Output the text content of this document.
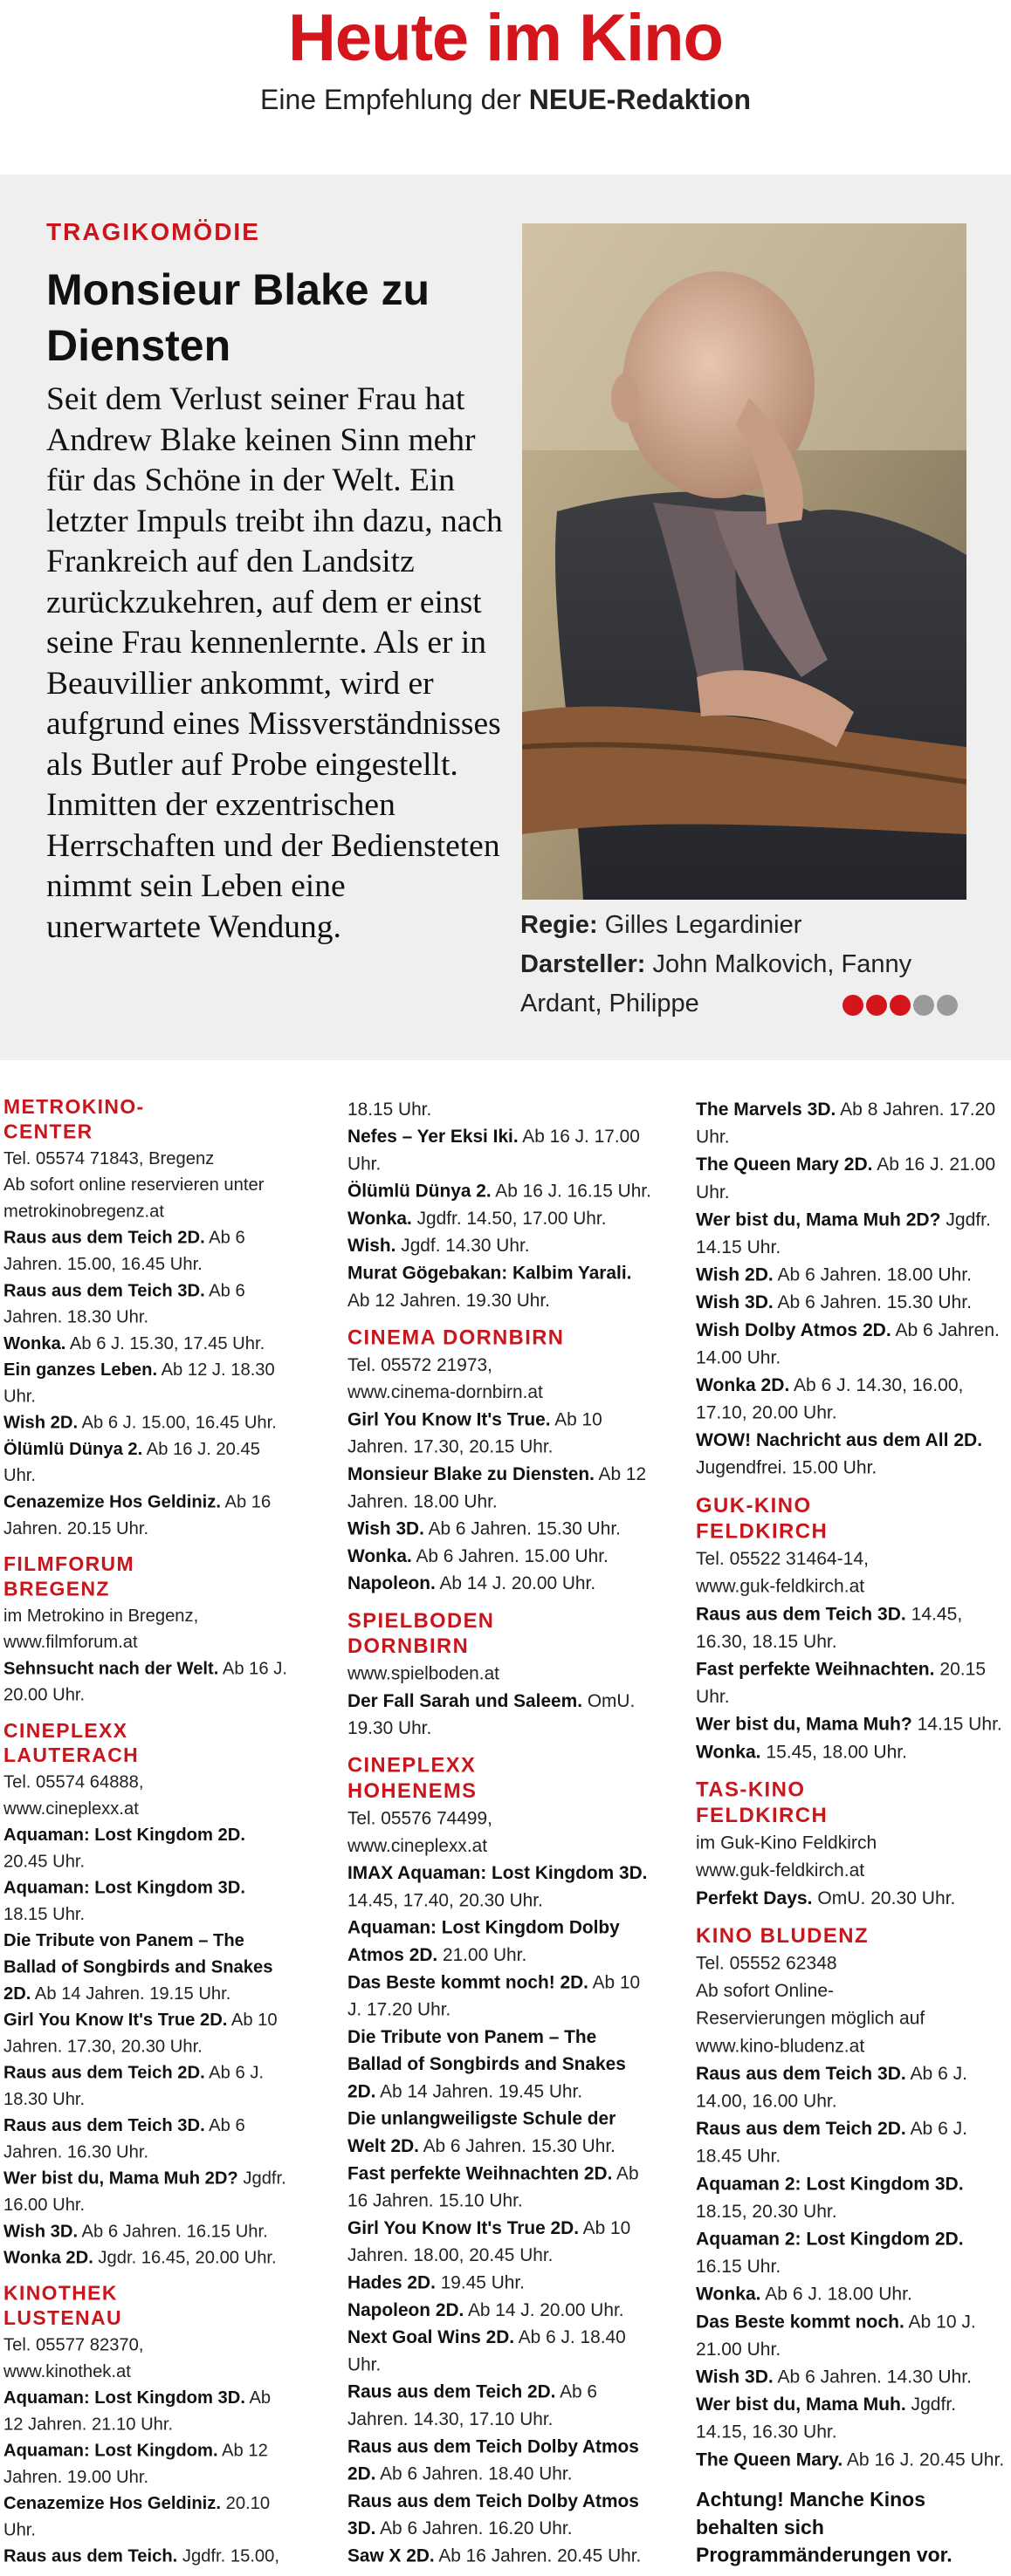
Heute im Kino
Eine Empfehlung der NEUE-Redaktion
TRAGIKOMÖDIE
Monsieur Blake zu Diensten
Seit dem Verlust seiner Frau hat Andrew Blake keinen Sinn mehr für das Schöne in der Welt. Ein letzter Impuls treibt ihn dazu, nach Frankreich auf den Landsitz zurückzukehren, auf dem er einst seine Frau kennenlernte. Als er in Beauvillier ankommt, wird er aufgrund eines Missverständnisses als Butler auf Probe eingestellt. Inmitten der exzentrischen Herrschaften und der Bediensteten nimmt sein Leben eine unerwartete Wendung.	Regie: Gilles Legardinier
Darsteller: John Malkovich, Fanny Ardant, Philippe
METROKINO-
CENTER
Tel. 05574 71843, Bregenz
Ab sofort online reservieren unter
metrokinobregenz.at
Raus aus dem Teich 2D. Ab 6 Jahren. 15.00, 16.45 Uhr.
Raus aus dem Teich 3D. Ab 6 Jahren. 18.30 Uhr.
Wonka. Ab 6 J. 15.30, 17.45 Uhr.
Ein ganzes Leben. Ab 12 J. 18.30 Uhr.
Wish 2D. Ab 6 J. 15.00, 16.45 Uhr.
Ölümlü Dünya 2. Ab 16 J. 20.45 Uhr.
Cenazemize Hos Geldiniz. Ab 16 Jahren. 20.15 Uhr.
FILMFORUM
BREGENZ
im Metrokino in Bregenz,
www.filmforum.at
Sehnsucht nach der Welt. Ab 16 J. 20.00 Uhr.
CINEPLEXX
LAUTERACH
Tel. 05574 64888,
www.cineplexx.at
Aquaman: Lost Kingdom 2D. 20.45 Uhr.
Aquaman: Lost Kingdom 3D. 18.15 Uhr.
Die Tribute von Panem – The Ballad of Songbirds and Snakes 2D. Ab 14 Jahren. 19.15 Uhr.
Girl You Know It's True 2D. Ab 10 Jahren. 17.30, 20.30 Uhr.
Raus aus dem Teich 2D. Ab 6 J. 18.30 Uhr.
Raus aus dem Teich 3D. Ab 6 Jahren. 16.30 Uhr.
Wer bist du, Mama Muh 2D? Jgdfr. 16.00 Uhr.
Wish 3D. Ab 6 Jahren. 16.15 Uhr.
Wonka 2D. Jgdr. 16.45, 20.00 Uhr.
KINOTHEK
LUSTENAU
Tel. 05577 82370,
www.kinothek.at
Aquaman: Lost Kingdom 3D. Ab 12 Jahren. 21.10 Uhr.
Aquaman: Lost Kingdom. Ab 12 Jahren. 19.00 Uhr.
Cenazemize Hos Geldiniz. 20.10 Uhr.
Raus aus dem Teich. Jgdfr. 15.00,
18.15 Uhr.
Nefes – Yer Eksi Iki. Ab 16 J. 17.00 Uhr.
Ölümlü Dünya 2. Ab 16 J. 16.15 Uhr.
Wonka. Jgdfr. 14.50, 17.00 Uhr.
Wish. Jgdf. 14.30 Uhr.
Murat Gögebakan: Kalbim Yarali. Ab 12 Jahren. 19.30 Uhr.
CINEMA DORNBIRN
Tel. 05572 21973,
www.cinema-dornbirn.at
Girl You Know It's True. Ab 10 Jahren. 17.30, 20.15 Uhr.
Monsieur Blake zu Diensten. Ab 12 Jahren. 18.00 Uhr.
Wish 3D. Ab 6 Jahren. 15.30 Uhr.
Wonka. Ab 6 Jahren. 15.00 Uhr.
Napoleon. Ab 14 J. 20.00 Uhr.
SPIELBODEN
DORNBIRN
www.spielboden.at
Der Fall Sarah und Saleem. OmU. 19.30 Uhr.
CINEPLEXX
HOHENEMS
Tel. 05576 74499,
www.cineplexx.at
IMAX Aquaman: Lost Kingdom 3D. 14.45, 17.40, 20.30 Uhr.
Aquaman: Lost Kingdom Dolby Atmos 2D. 21.00 Uhr.
Das Beste kommt noch! 2D. Ab 10 J. 17.20 Uhr.
Die Tribute von Panem – The Ballad of Songbirds and Snakes 2D. Ab 14 Jahren. 19.45 Uhr.
Die unlangweiligste Schule der Welt 2D. Ab 6 Jahren. 15.30 Uhr.
Fast perfekte Weihnachten 2D. Ab 16 Jahren. 15.10 Uhr.
Girl You Know It's True 2D. Ab 10 Jahren. 18.00, 20.45 Uhr.
Hades 2D. 19.45 Uhr.
Napoleon 2D. Ab 14 J. 20.00 Uhr.
Next Goal Wins 2D. Ab 6 J. 18.40 Uhr.
Raus aus dem Teich 2D. Ab 6 Jahren. 14.30, 17.10 Uhr.
Raus aus dem Teich Dolby Atmos 2D. Ab 6 Jahren. 18.40 Uhr.
Raus aus dem Teich Dolby Atmos 3D. Ab 6 Jahren. 16.20 Uhr.
Saw X 2D. Ab 16 Jahren. 20.45 Uhr.
The Marvels 3D. Ab 8 Jahren. 17.20 Uhr.
The Queen Mary 2D. Ab 16 J. 21.00 Uhr.
Wer bist du, Mama Muh 2D? Jgdfr. 14.15 Uhr.
Wish 2D. Ab 6 Jahren. 18.00 Uhr.
Wish 3D. Ab 6 Jahren. 15.30 Uhr.
Wish Dolby Atmos 2D. Ab 6 Jahren. 14.00 Uhr.
Wonka 2D. Ab 6 J. 14.30, 16.00, 17.10, 20.00 Uhr.
WOW! Nachricht aus dem All 2D. Jugendfrei. 15.00 Uhr.
GUK-KINO
FELDKIRCH
Tel. 05522 31464-14,
www.guk-feldkirch.at
Raus aus dem Teich 3D. 14.45, 16.30, 18.15 Uhr.
Fast perfekte Weihnachten. 20.15 Uhr.
Wer bist du, Mama Muh? 14.15 Uhr.
Wonka. 15.45, 18.00 Uhr.
TAS-KINO
FELDKIRCH
im Guk-Kino Feldkirch
www.guk-feldkirch.at
Perfekt Days. OmU. 20.30 Uhr.
KINO BLUDENZ
Tel. 05552 62348
Ab sofort Online-
Reservierungen möglich auf
www.kino-bludenz.at
Raus aus dem Teich 3D. Ab 6 J. 14.00, 16.00 Uhr.
Raus aus dem Teich 2D. Ab 6 J. 18.45 Uhr.
Aquaman 2: Lost Kingdom 3D. 18.15, 20.30 Uhr.
Aquaman 2: Lost Kingdom 2D. 16.15 Uhr.
Wonka. Ab 6 J. 18.00 Uhr.
Das Beste kommt noch. Ab 10 J. 21.00 Uhr.
Wish 3D. Ab 6 Jahren. 14.30 Uhr.
Wer bist du, Mama Muh. Jgdfr. 14.15, 16.30 Uhr.
The Queen Mary. Ab 16 J. 20.45 Uhr.
Achtung! Manche Kinos behalten sich Programmänderungen vor.
